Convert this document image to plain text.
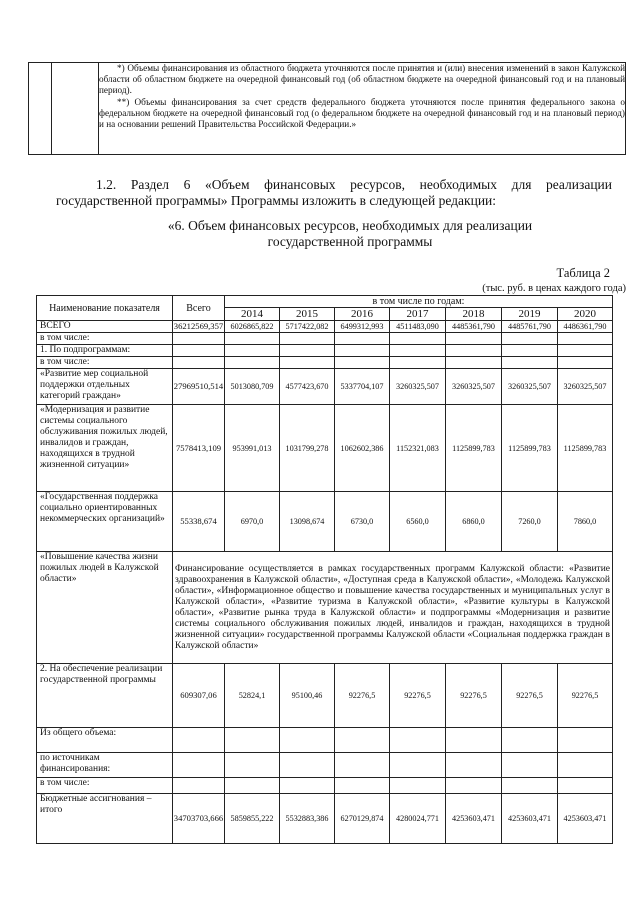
*) Объемы финансирования из областного бюджета уточняются после принятия и (или) внесения изменений в закон Калужской области об областном бюджете на очередной финансовый год (об областном бюджете на очередной финансовый год и на плановый период).

**) Объемы финансирования за счет средств федерального бюджета уточняются после принятия федерального закона о федеральном бюджете на очередной финансовый год (о федеральном бюджете на очередной финансовый год и на плановый период) и на основании решений Правительства Российской Федерации.»

1.2. Раздел 6 «Объем финансовых ресурсов, необходимых для реализации государственной программы» Программы изложить в следующей редакции:

«6. Объем финансовых ресурсов, необходимых для реализации государственной программы

Таблица 2

(тыс. руб. в ценах каждого года)

Наименование показателя	Всего	в том числе по годам:						
		2014	2015	2016	2017	2018	2019	2020
ВСЕГО	36212569,357	6026865,822	5717422,082	6499312,993	4511483,090	4485361,790	4485761,790	4486361,790
в том числе:								
1. По подпрограммам:								
в том числе:								
«Развитие мер социальной поддержки отдельных категорий граждан»	27969510,514	5013080,709	4577423,670	5337704,107	3260325,507	3260325,507	3260325,507	3260325,507
«Модернизация и развитие системы социального обслуживания пожилых людей, инвалидов и граждан, находящихся в трудной жизненной ситуации»	7578413,109	953991,013	1031799,278	1062602,386	1152321,083	1125899,783	1125899,783	1125899,783
«Государственная поддержка социально ориентированных некоммерческих организаций»	55338,674	6970,0	13098,674	6730,0	6560,0	6860,0	7260,0	7860,0
«Повышение качества жизни пожилых людей в Калужской области»	Финансирование осуществляется в рамках государственных программ Калужской области: «Развитие здравоохранения в Калужской области», «Доступная среда в Калужской области», «Молодежь Калужской области», «Информационное общество и повышение качества государственных и муниципальных услуг в Калужской области», «Развитие туризма в Калужской области», «Развитие культуры в Калужской области», «Развитие рынка труда в Калужской области» и подпрограммы «Модернизация и развитие системы социального обслуживания пожилых людей, инвалидов и граждан, находящихся в трудной жизненной ситуации» государственной программы Калужской области «Социальная поддержка граждан в Калужской области»							
2. На обеспечение реализации государственной программы	609307,06	52824,1	95100,46	92276,5	92276,5	92276,5	92276,5	92276,5
Из общего объема:								
по источникам финансирования:								
в том числе:								
Бюджетные ассигнования – итого	34703703,666	5859855,222	5532883,386	6270129,874	4280024,771	4253603,471	4253603,471	4253603,471
